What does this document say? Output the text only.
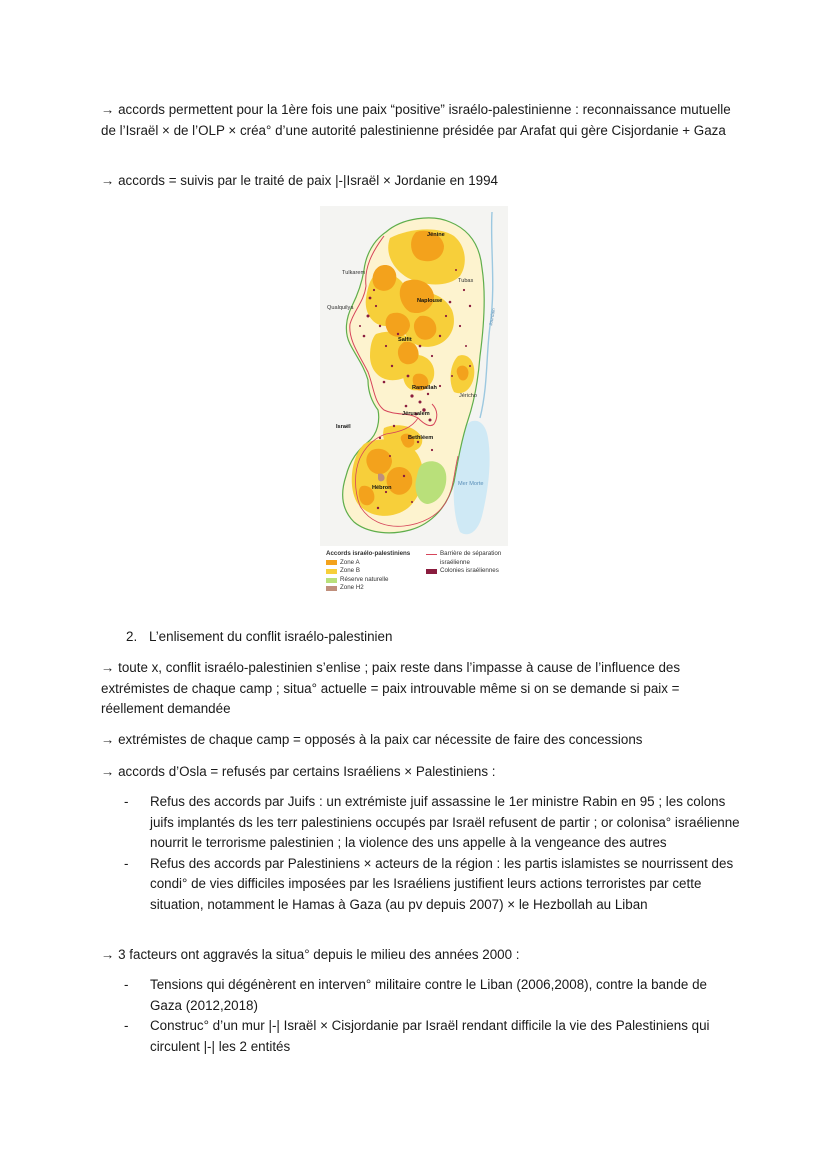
→ accords permettent pour la 1ère fois une paix “positive” israélo-palestinienne : reconnaissance mutuelle de l’Israël × de l’OLP × créa° d’une autorité palestinienne présidée par Arafat qui gère Cisjordanie + Gaza

→ accords = suivis par le traité de paix |-|Israël × Jordanie en 1994

Jénine
Tulkarem
Tubas
Qualquilya
Naplouse
Salfit
Jourdain
Ramallah
Jéricho
Jérusalem
Israël
Bethléem
Hébron
Mer Morte
Accords israélo-palestiniens
Zone A
Zone B
Réserve naturelle
Zone H2
Barrière de séparation
israélienne
Colonies israéliennes
2. L’enlisement du conflit israélo-palestinien

→ toute x, conflit israélo-palestinien s’enlise ; paix reste dans l’impasse à cause de l’influence des extrémistes de chaque camp ; situa° actuelle = paix introuvable même si on se demande si paix = réellement demandée

→ extrémistes de chaque camp = opposés à la paix car nécessite de faire des concessions

→ accords d’Osla = refusés par certains Israéliens × Palestiniens :

- Refus des accords par Juifs : un extrémiste juif assassine le 1er ministre Rabin en 95 ; les colons juifs implantés ds les terr palestiniens occupés par Israël refusent de partir ; or colonisa° israélienne nourrit le terrorisme palestinien ; la violence des uns appelle à la vengeance des autres
- Refus des accords par Palestiniens × acteurs de la région : les partis islamistes se nourrissent des condi° de vies difficiles imposées par les Israéliens justifient leurs actions terroristes par cette situation, notamment le Hamas à Gaza (au pv depuis 2007) × le Hezbollah au Liban

→ 3 facteurs ont aggravés la situa° depuis le milieu des années 2000 :

- Tensions qui dégénèrent en interven° militaire contre le Liban (2006,2008), contre la bande de Gaza (2012,2018)
- Construc° d’un mur |-| Israël × Cisjordanie par Israël rendant difficile la vie des Palestiniens qui circulent |-| les 2 entités
